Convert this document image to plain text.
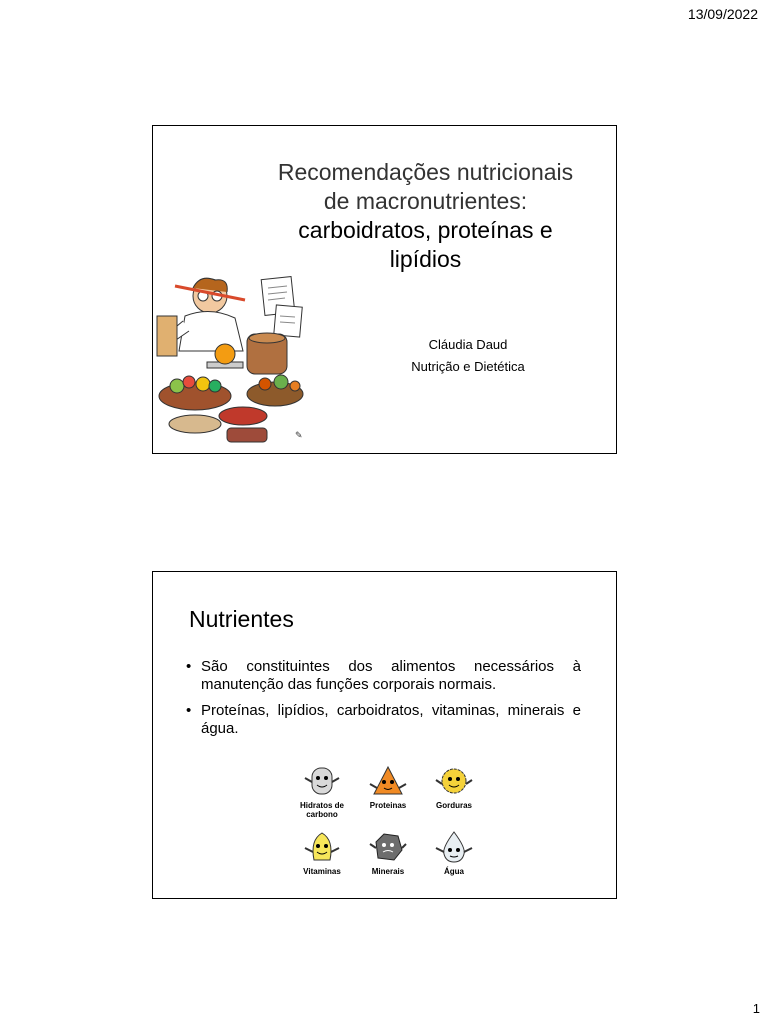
13/09/2022
Recomendações nutricionais
de macronutrientes:
carboidratos, proteínas e
lipídios
Cláudia Daud
Nutrição e Dietética
✎
Nutrientes
• São constituintes dos alimentos necessários à manutenção das funções corporais normais.
• Proteínas, lipídios, carboidratos, vitaminas, minerais e água.
Hidratos de carbono
Proteinas	Gorduras
Vitaminas	Minerais	Água
1
